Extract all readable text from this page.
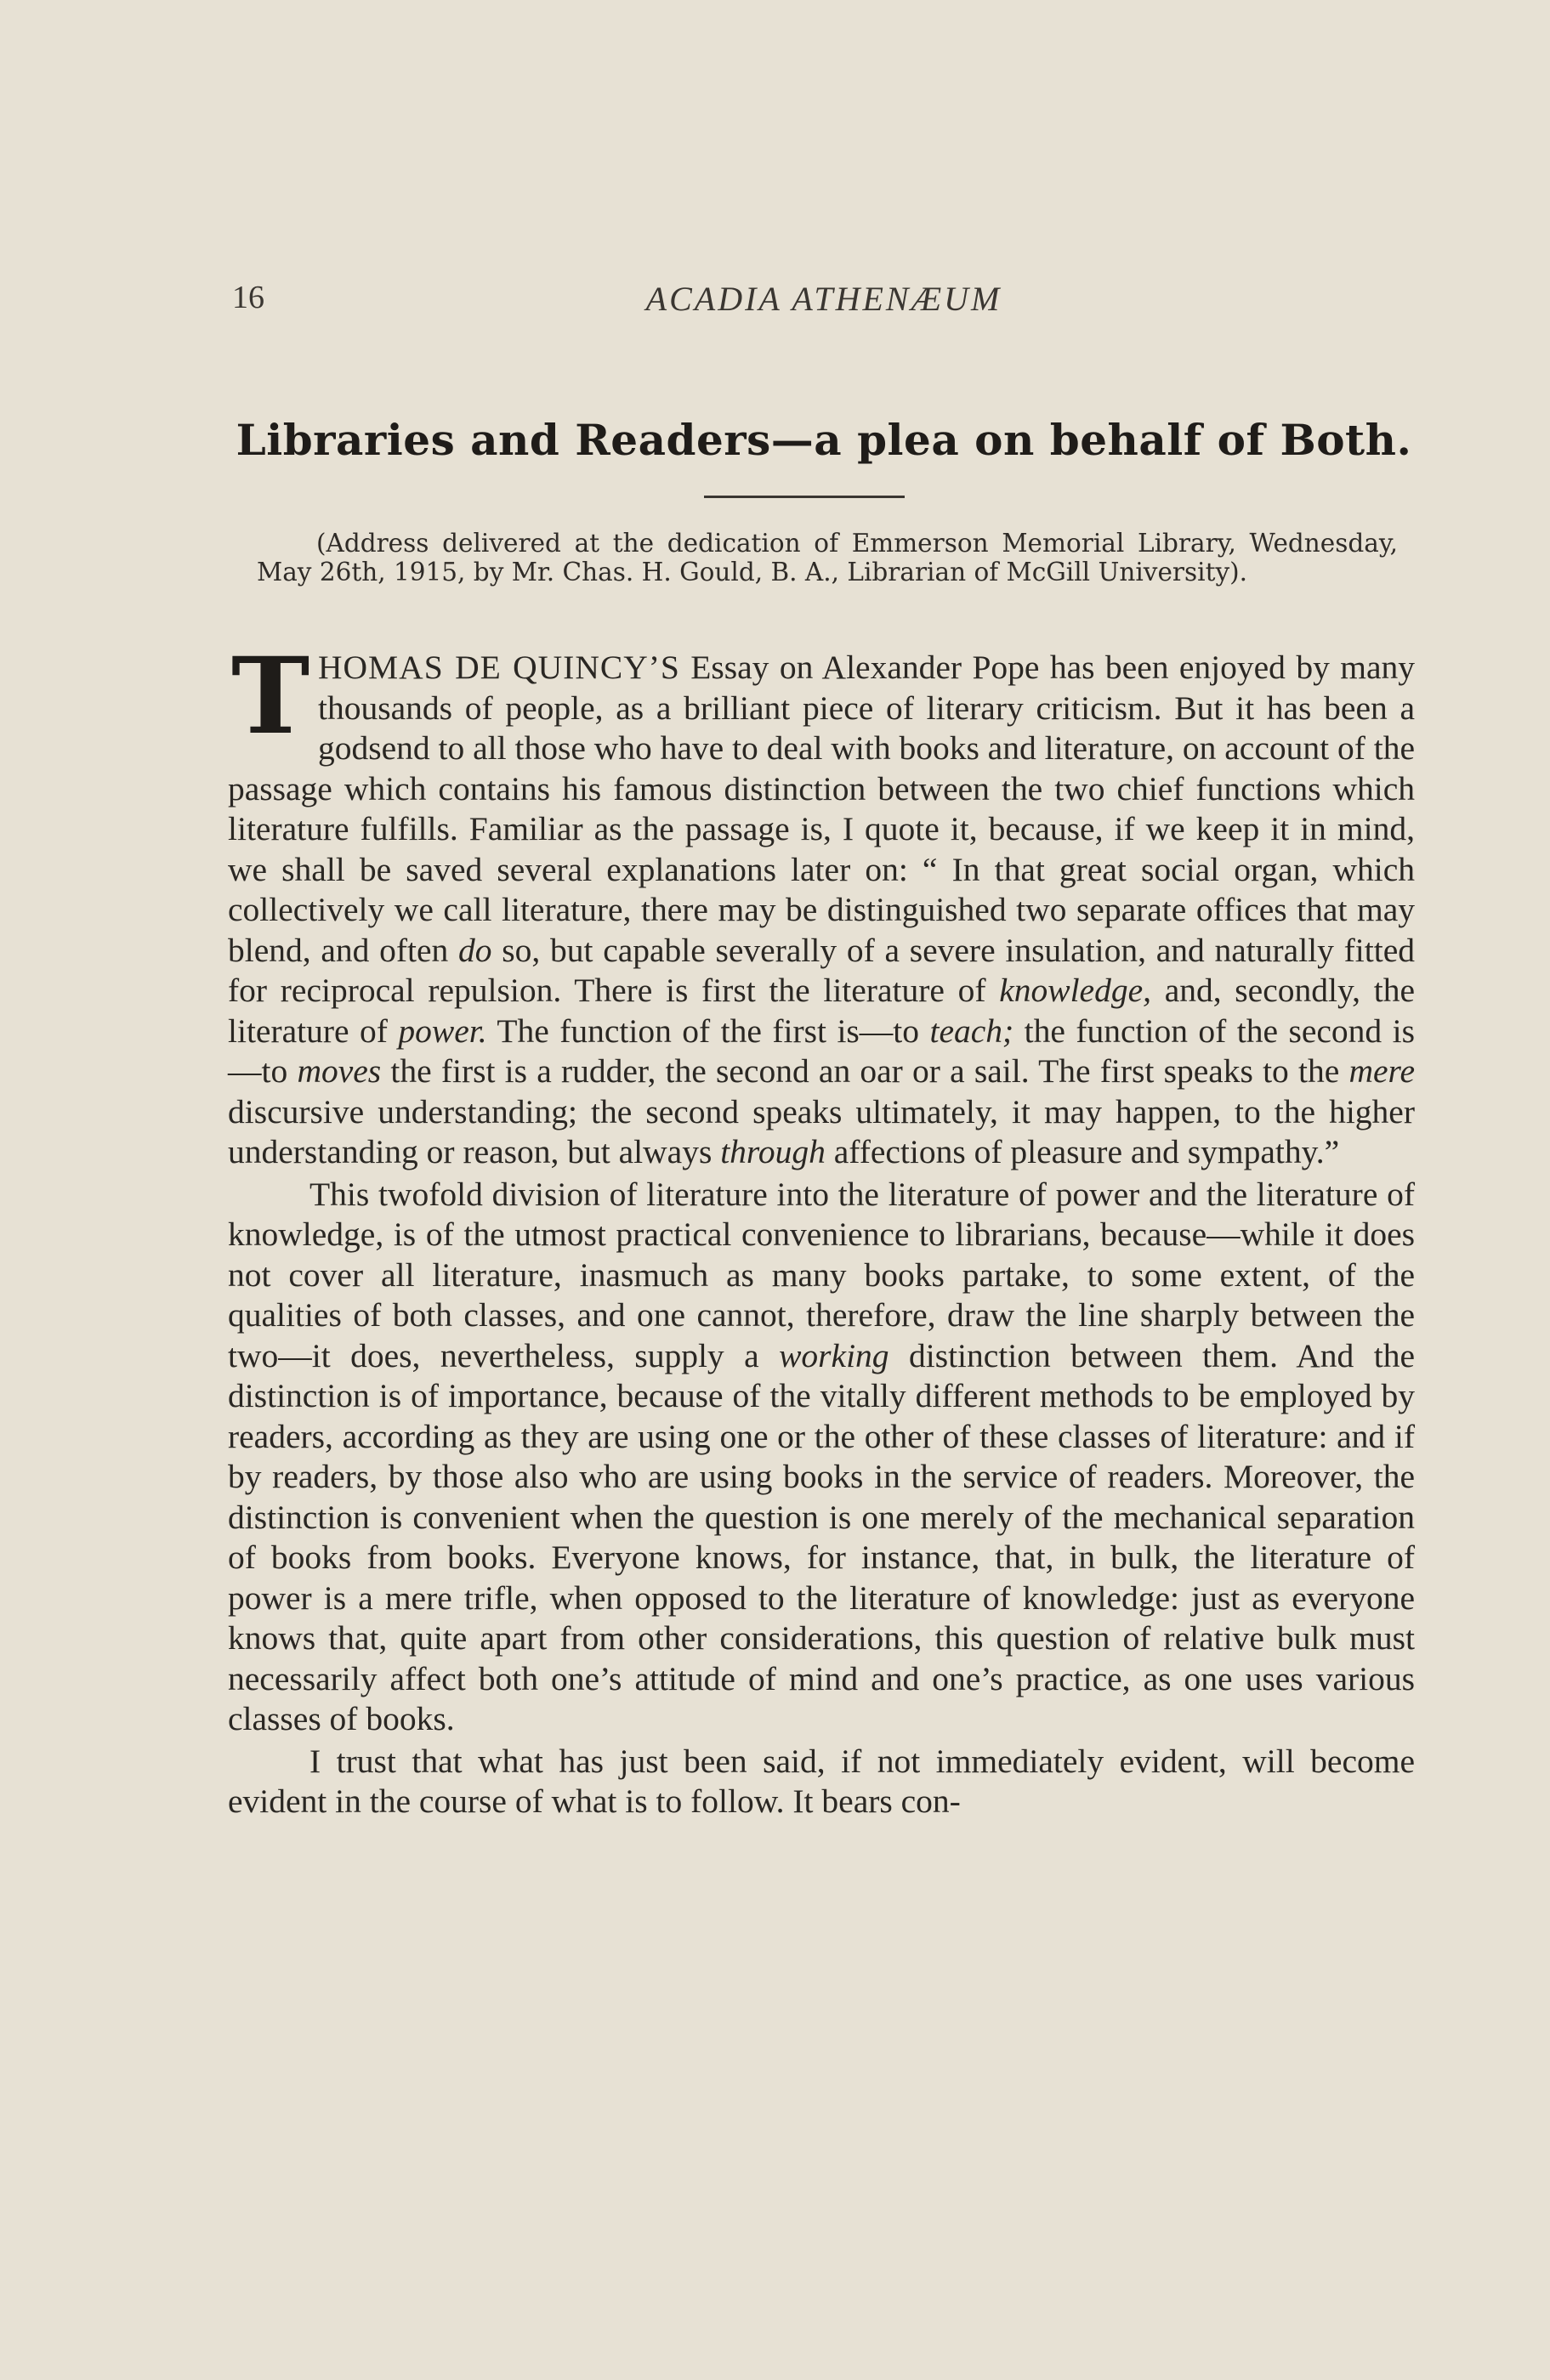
16	ACADIA ATHENÆUM
Libraries and Readers—a plea on behalf of Both.
(Address delivered at the dedication of Emmerson Memorial Library, Wednesday, May 26th, 1915, by Mr. Chas. H. Gould, B. A., Librarian of McGill University).

THOMAS DE QUINCY’S Essay on Alexander Pope has been enjoyed by many thousands of people, as a brilliant piece of literary criticism. But it has been a godsend to all those who have to deal with books and literature, on account of the passage which contains his famous distinction between the two chief functions which literature fulfills. Familiar as the passage is, I quote it, because, if we keep it in mind, we shall be saved several explanations later on: “ In that great social organ, which collectively we call literature, there may be distinguished two separate offices that may blend, and often do so, but capable severally of a severe insulation, and naturally fitted for reciprocal repulsion. There is first the literature of knowledge, and, secondly, the literature of power. The function of the first is—to teach; the function of the second is—to moves the first is a rudder, the second an oar or a sail. The first speaks to the mere discursive understanding; the second speaks ultimately, it may happen, to the higher understanding or reason, but always through affections of pleasure and sympathy.”

This twofold division of literature into the literature of power and the literature of knowledge, is of the utmost practical convenience to librarians, because—while it does not cover all literature, inasmuch as many books partake, to some extent, of the qualities of both classes, and one cannot, therefore, draw the line sharply between the two—it does, nevertheless, supply a working distinction between them. And the distinction is of importance, because of the vitally different methods to be employed by readers, according as they are using one or the other of these classes of literature: and if by readers, by those also who are using books in the service of readers. Moreover, the distinction is convenient when the question is one merely of the mechanical separation of books from books. Everyone knows, for instance, that, in bulk, the literature of power is a mere trifle, when opposed to the literature of knowledge: just as everyone knows that, quite apart from other considerations, this question of relative bulk must necessarily affect both one’s attitude of mind and one’s practice, as one uses various classes of books.

I trust that what has just been said, if not immediately evident, will become evident in the course of what is to follow. It bears con-
